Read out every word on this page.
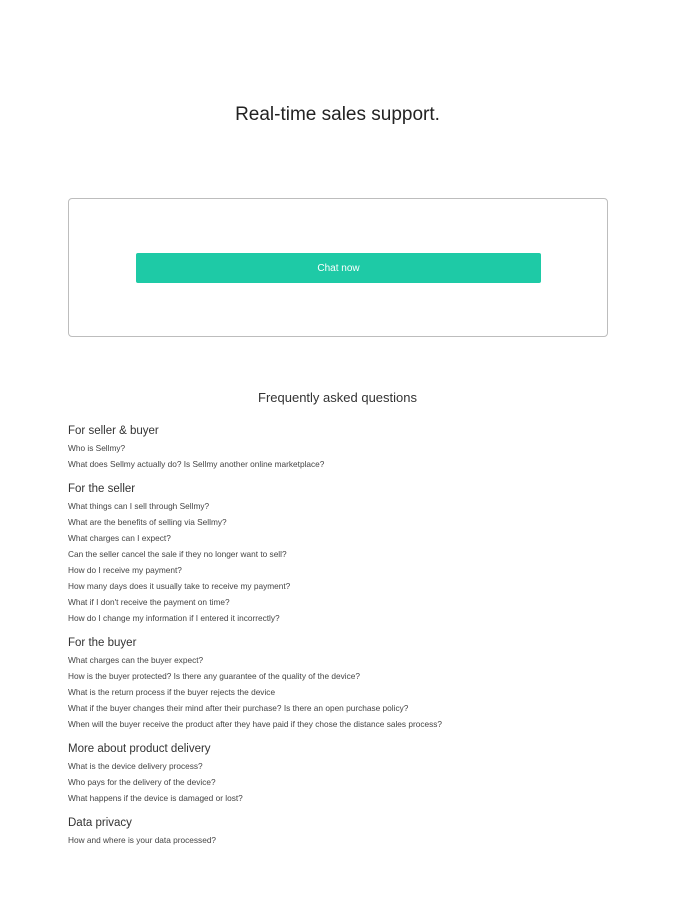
Real-time sales support.
Chat now
Frequently asked questions
For seller & buyer
Who is Sellmy?
What does Sellmy actually do? Is Sellmy another online marketplace?
For the seller
What things can I sell through Sellmy?
What are the benefits of selling via Sellmy?
What charges can I expect?
Can the seller cancel the sale if they no longer want to sell?
How do I receive my payment?
How many days does it usually take to receive my payment?
What if I don't receive the payment on time?
How do I change my information if I entered it incorrectly?
For the buyer
What charges can the buyer expect?
How is the buyer protected? Is there any guarantee of the quality of the device?
What is the return process if the buyer rejects the device
What if the buyer changes their mind after their purchase? Is there an open purchase policy?
When will the buyer receive the product after they have paid if they chose the distance sales process?
More about product delivery
What is the device delivery process?
Who pays for the delivery of the device?
What happens if the device is damaged or lost?
Data privacy
How and where is your data processed?
